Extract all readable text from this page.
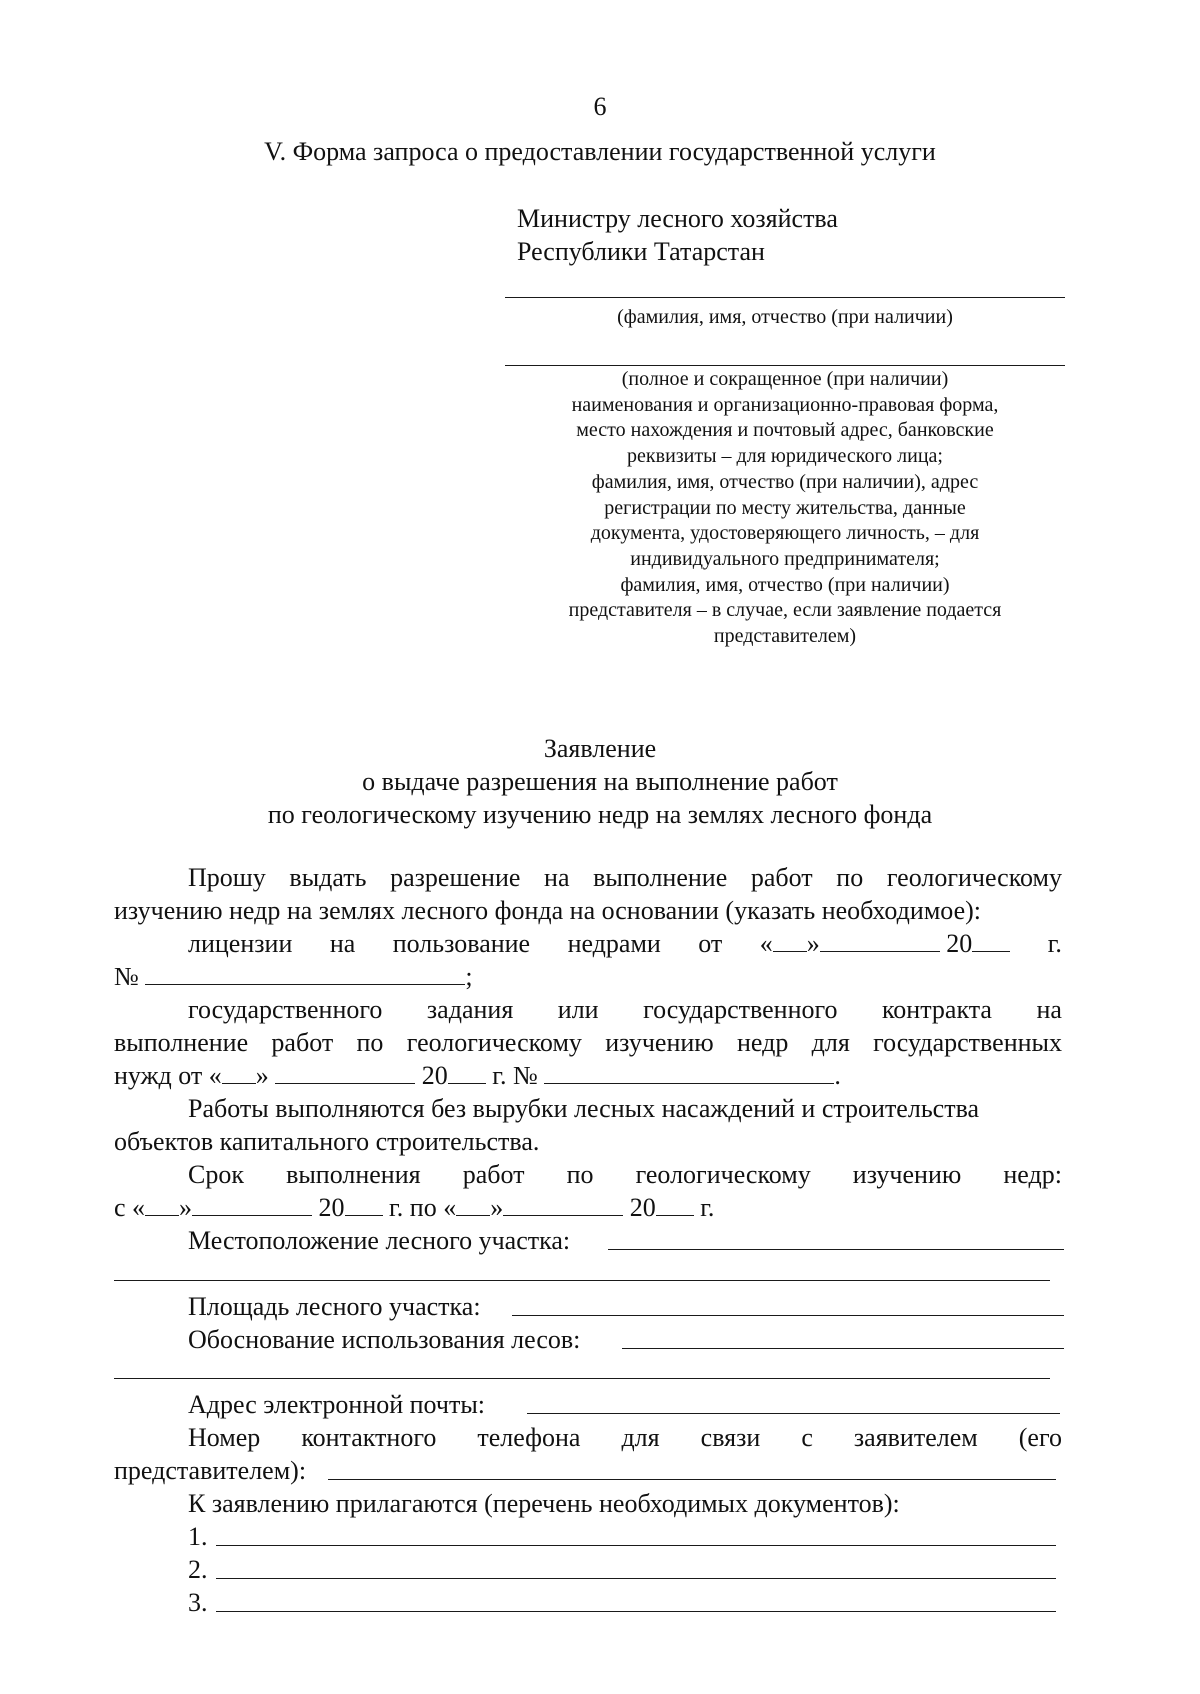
6
V. Форма запроса о предоставлении государственной услуги
Министру лесного хозяйства
Республики Татарстан
(фамилия, имя, отчество (при наличии)
(полное и сокращенное (при наличии)
наименования и организационно-правовая форма,
место нахождения и почтовый адрес, банковские
реквизиты – для юридического лица;
фамилия, имя, отчество (при наличии), адрес
регистрации по месту жительства, данные
документа, удостоверяющего личность, – для
индивидуального предпринимателя;
фамилия, имя, отчество (при наличии)
представителя – в случае, если заявление подается
представителем)
Заявление
о выдаче разрешения на выполнение работ
по геологическому изучению недр на землях лесного фонда
Прошу выдать разрешение на выполнение работ по геологическому
изучению недр на землях лесного фонда на основании (указать необходимое):
лицензии на пользование недрами от « »	20	г.
№	;
государственного задания или государственного контракта на
выполнение работ по геологическому изучению недр для государственных
нужд от « »	20 г. №	.
Работы выполняются без вырубки лесных насаждений и строительства
объектов капитального строительства.
Срок выполнения работ по геологическому изучению недр:
с « »	20 г. по « »	20 г.
Местоположение лесного участка:
Площадь лесного участка:
Обоснование использования лесов:
Адрес электронной почты:
Номер контактного телефона для связи с заявителем (его
представителем):
К заявлению прилагаются (перечень необходимых документов):
1.
2.
3.
